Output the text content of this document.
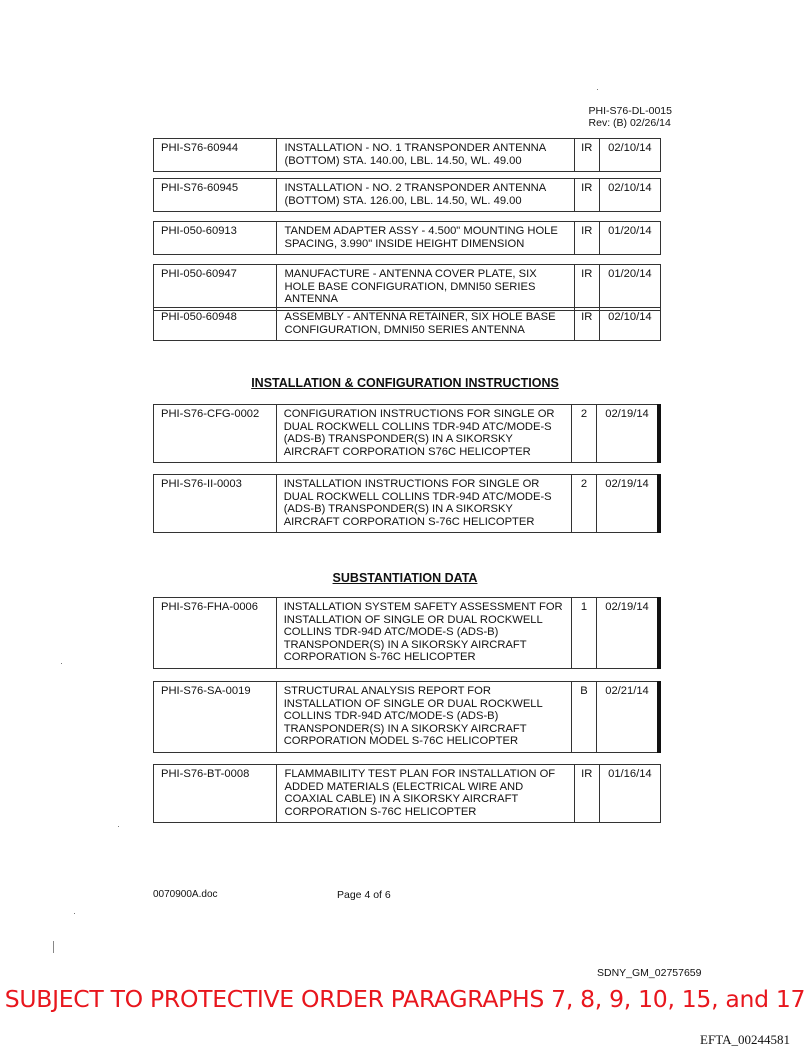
PHI-S76-DL-0015
Rev: (B) 02/26/14
PHI-S76-60944	INSTALLATION - NO. 1 TRANSPONDER ANTENNA (BOTTOM) STA. 140.00, LBL. 14.50, WL. 49.00	IR	02/10/14
PHI-S76-60945	INSTALLATION - NO. 2 TRANSPONDER ANTENNA (BOTTOM) STA. 126.00, LBL. 14.50, WL. 49.00	IR	02/10/14
PHI-050-60913	TANDEM ADAPTER ASSY - 4.500" MOUNTING HOLE SPACING, 3.990" INSIDE HEIGHT DIMENSION	IR	01/20/14
PHI-050-60947	MANUFACTURE - ANTENNA COVER PLATE, SIX HOLE BASE CONFIGURATION, DMNI50 SERIES ANTENNA	IR	01/20/14
PHI-050-60948	ASSEMBLY - ANTENNA RETAINER, SIX HOLE BASE CONFIGURATION, DMNI50 SERIES ANTENNA	IR	02/10/14
INSTALLATION & CONFIGURATION INSTRUCTIONS
PHI-S76-CFG-0002	CONFIGURATION INSTRUCTIONS FOR SINGLE OR DUAL ROCKWELL COLLINS TDR-94D ATC/MODE-S (ADS-B) TRANSPONDER(S) IN A SIKORSKY AIRCRAFT CORPORATION S76C HELICOPTER	2	02/19/14
PHI-S76-II-0003	INSTALLATION INSTRUCTIONS FOR SINGLE OR DUAL ROCKWELL COLLINS TDR-94D ATC/MODE-S (ADS-B) TRANSPONDER(S) IN A SIKORSKY AIRCRAFT CORPORATION S-76C HELICOPTER	2	02/19/14
SUBSTANTIATION DATA
PHI-S76-FHA-0006	INSTALLATION SYSTEM SAFETY ASSESSMENT FOR INSTALLATION OF SINGLE OR DUAL ROCKWELL COLLINS TDR-94D ATC/MODE-S (ADS-B) TRANSPONDER(S) IN A SIKORSKY AIRCRAFT CORPORATION S-76C HELICOPTER	1	02/19/14
PHI-S76-SA-0019	STRUCTURAL ANALYSIS REPORT FOR INSTALLATION OF SINGLE OR DUAL ROCKWELL COLLINS TDR-94D ATC/MODE-S (ADS-B) TRANSPONDER(S) IN A SIKORSKY AIRCRAFT CORPORATION MODEL S-76C HELICOPTER	B	02/21/14
PHI-S76-BT-0008	FLAMMABILITY TEST PLAN FOR INSTALLATION OF ADDED MATERIALS (ELECTRICAL WIRE AND COAXIAL CABLE) IN A SIKORSKY AIRCRAFT CORPORATION S-76C HELICOPTER	IR	01/16/14
0070900A.doc	Page 4 of 6
SDNY_GM_02757659
SUBJECT TO PROTECTIVE ORDER PARAGRAPHS 7, 8, 9, 10, 15, and 17
EFTA_00244581
